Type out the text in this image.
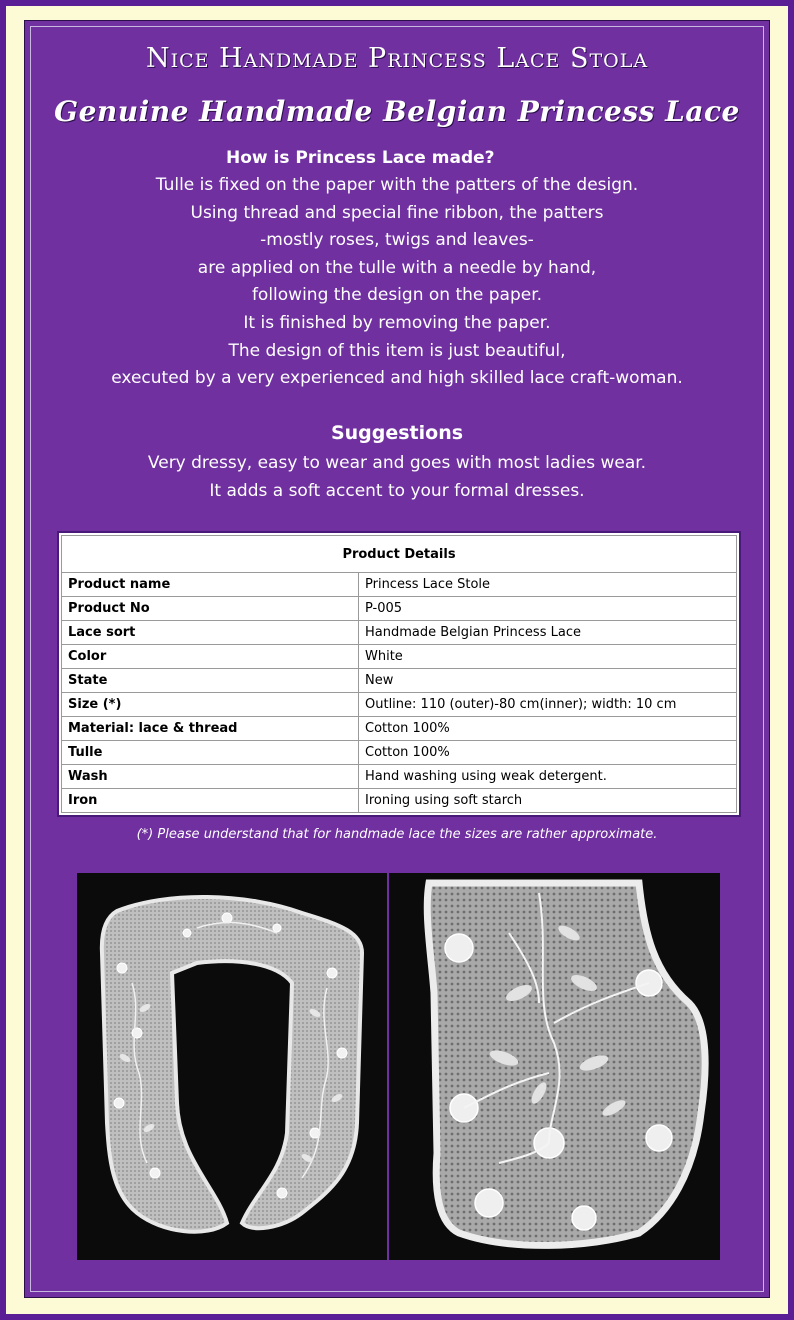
Nice Handmade Princess Lace Stola
Genuine Handmade Belgian Princess Lace
How is Princess Lace made?
Tulle is fixed on the paper with the patters of the design.
Using thread and special fine ribbon, the patters
-mostly roses, twigs and leaves-
are applied on the tulle with a needle by hand,
following the design on the paper.
It is finished by removing the paper.
The design of this item is just beautiful,
executed by a very experienced and high skilled lace craft-woman.
Suggestions
Very dressy, easy to wear and goes with most ladies wear.
It adds a soft accent to your formal dresses.
Product Details	
Product name	Princess Lace Stole
Product No	P-005
Lace sort	Handmade Belgian Princess Lace
Color	White
State	New
Size (*)	Outline: 110 (outer)-80 cm(inner); width: 10 cm
Material: lace & thread	Cotton 100%
Tulle	Cotton 100%
Wash	Hand washing using weak detergent.
Iron	Ironing using soft starch
(*) Please understand that for handmade lace the sizes are rather approximate.
